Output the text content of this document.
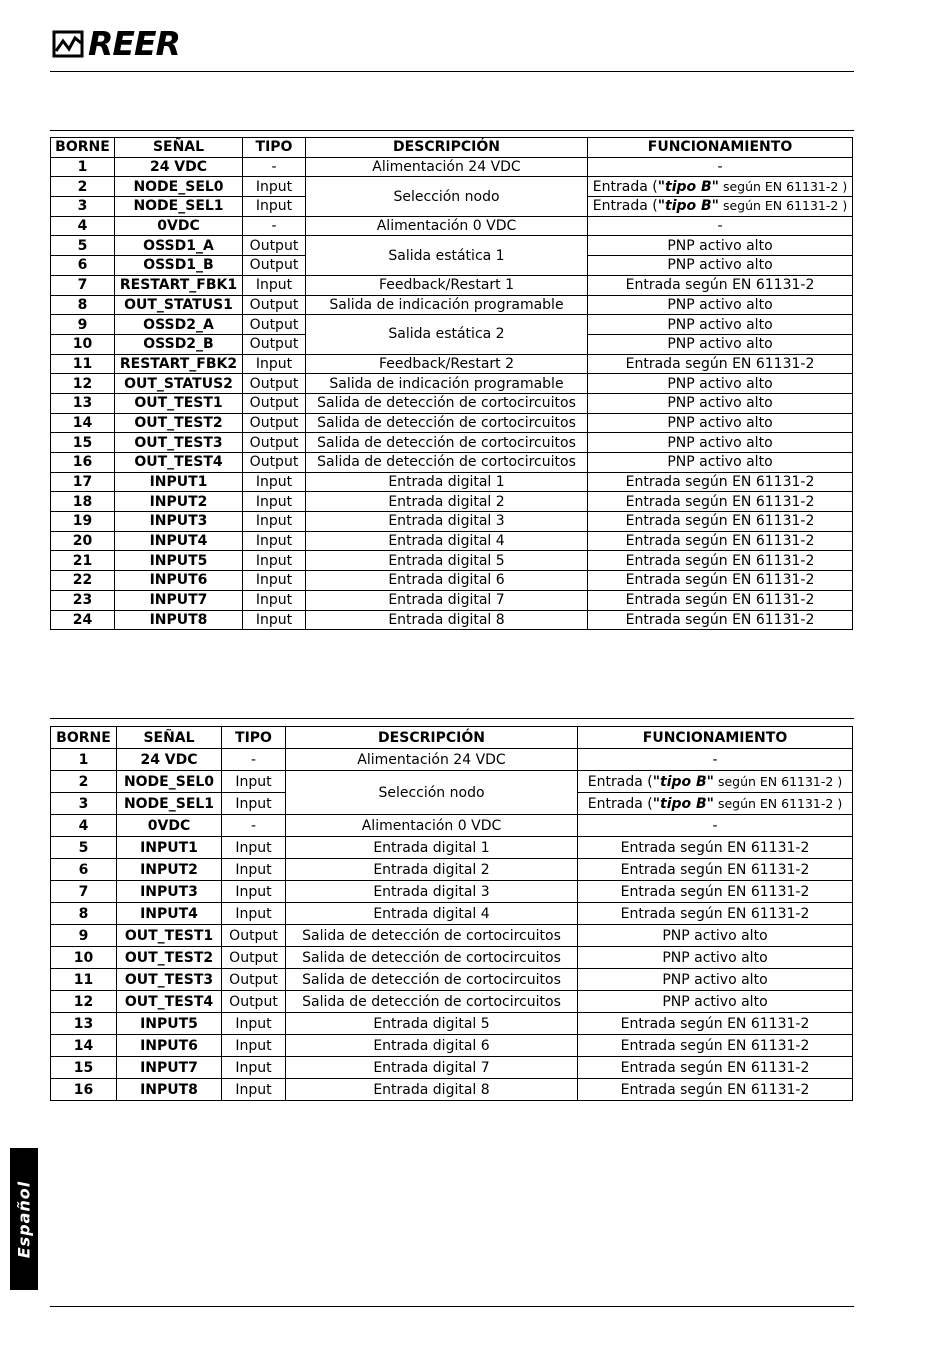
REER
BORNE	SEÑAL	TIPO	DESCRIPCIÓN	FUNCIONAMIENTO
1	24 VDC	-	Alimentación 24 VDC	-
2	NODE_SEL0	Input	Selección nodo	Entrada ("tipo B" según EN 61131-2 )
3	NODE_SEL1	Input		Entrada ("tipo B" según EN 61131-2 )
4	0VDC	-	Alimentación 0 VDC	-
5	OSSD1_A	Output	Salida estática 1	PNP activo alto
6	OSSD1_B	Output		PNP activo alto
7	RESTART_FBK1	Input	Feedback/Restart 1	Entrada según EN 61131-2
8	OUT_STATUS1	Output	Salida de indicación programable	PNP activo alto
9	OSSD2_A	Output	Salida estática 2	PNP activo alto
10	OSSD2_B	Output		PNP activo alto
11	RESTART_FBK2	Input	Feedback/Restart 2	Entrada según EN 61131-2
12	OUT_STATUS2	Output	Salida de indicación programable	PNP activo alto
13	OUT_TEST1	Output	Salida de detección de cortocircuitos	PNP activo alto
14	OUT_TEST2	Output	Salida de detección de cortocircuitos	PNP activo alto
15	OUT_TEST3	Output	Salida de detección de cortocircuitos	PNP activo alto
16	OUT_TEST4	Output	Salida de detección de cortocircuitos	PNP activo alto
17	INPUT1	Input	Entrada digital 1	Entrada según EN 61131-2
18	INPUT2	Input	Entrada digital 2	Entrada según EN 61131-2
19	INPUT3	Input	Entrada digital 3	Entrada según EN 61131-2
20	INPUT4	Input	Entrada digital 4	Entrada según EN 61131-2
21	INPUT5	Input	Entrada digital 5	Entrada según EN 61131-2
22	INPUT6	Input	Entrada digital 6	Entrada según EN 61131-2
23	INPUT7	Input	Entrada digital 7	Entrada según EN 61131-2
24	INPUT8	Input	Entrada digital 8	Entrada según EN 61131-2
BORNE	SEÑAL	TIPO	DESCRIPCIÓN	FUNCIONAMIENTO
1	24 VDC	-	Alimentación 24 VDC	-
2	NODE_SEL0	Input	Selección nodo	Entrada ("tipo B" según EN 61131-2 )
3	NODE_SEL1	Input		Entrada ("tipo B" según EN 61131-2 )
4	0VDC	-	Alimentación 0 VDC	-
5	INPUT1	Input	Entrada digital 1	Entrada según EN 61131-2
6	INPUT2	Input	Entrada digital 2	Entrada según EN 61131-2
7	INPUT3	Input	Entrada digital 3	Entrada según EN 61131-2
8	INPUT4	Input	Entrada digital 4	Entrada según EN 61131-2
9	OUT_TEST1	Output	Salida de detección de cortocircuitos	PNP activo alto
10	OUT_TEST2	Output	Salida de detección de cortocircuitos	PNP activo alto
11	OUT_TEST3	Output	Salida de detección de cortocircuitos	PNP activo alto
12	OUT_TEST4	Output	Salida de detección de cortocircuitos	PNP activo alto
13	INPUT5	Input	Entrada digital 5	Entrada según EN 61131-2
14	INPUT6	Input	Entrada digital 6	Entrada según EN 61131-2
15	INPUT7	Input	Entrada digital 7	Entrada según EN 61131-2
16	INPUT8	Input	Entrada digital 8	Entrada según EN 61131-2
Español
